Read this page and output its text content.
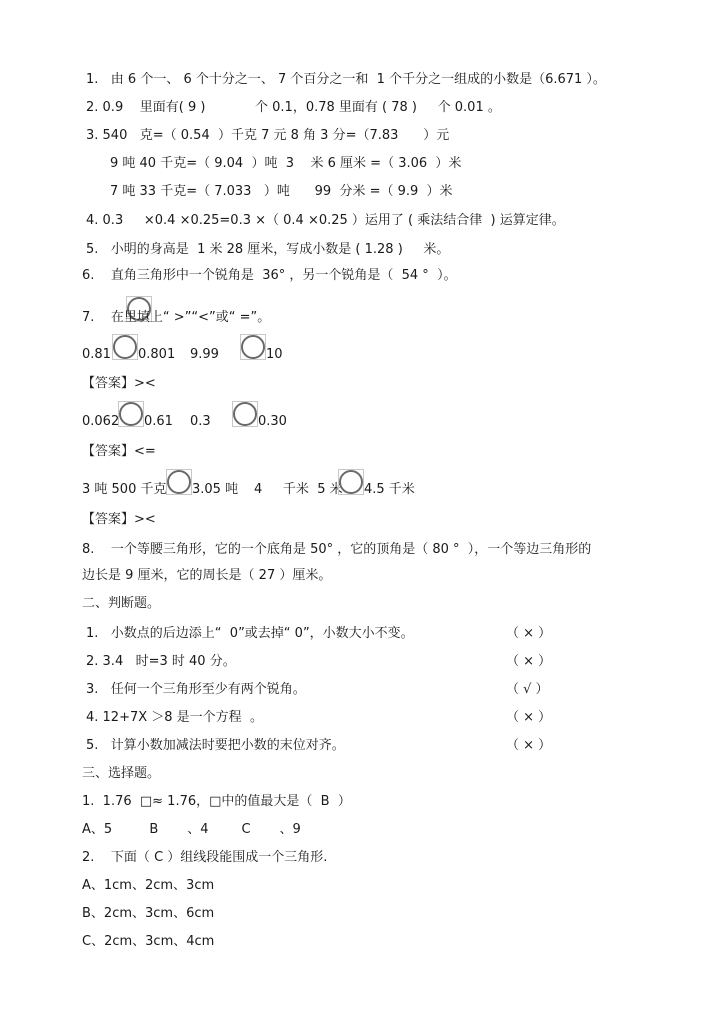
1.   由 6 个一、 6 个十分之一、 7 个百分之一和  1 个千分之一组成的小数是（6.671 ）。
2. 0.9    里面有( 9 )            个 0.1，0.78 里面有 ( 78 )     个 0.01 。
3. 540   克=（ 0.54  ）千克 7 元 8 角 3 分=（7.83      ）元
9 吨 40 千克=（ 9.04  ）吨  3    米 6 厘米 =（ 3.06  ）米
7 吨 33 千克=（ 7.033   ）吨      99  分米 =（ 9.9  ）米
4. 0.3     ×0.4 ×0.25=0.3 ×（ 0.4 ×0.25 ）运用了 ( 乘法结合律  ) 运算定律。
5.   小明的身高是  1 米 28 厘米，写成小数是 ( 1.28 )     米。
6.    直角三角形中一个锐角是  36° ，另一个锐角是（  54 °  ）。
7.    在里填上“ >”“<”或“ =”。
0.81 0.801 9.99	10
【答案】><
0.062 0.61 0.3	0.30
【答案】<=
3 吨 500 千克 3.05 吨 4     千米  5 米 4.5 千米
【答案】><
8.    一个等腰三角形，它的一个底角是 50° ，它的顶角是（ 80 °  ），一个等边三角形的
边长是 9 厘米，它的周长是（ 27 ）厘米。
二、判断题。
1.   小数点的后边添上“  0”或去掉“ 0”，小数大小不变。	（ × ）
2. 3.4   时=3 时 40 分。	（ × ）
3.   任何一个三角形至少有两个锐角。	（ √ ）
4. 12+7X ＞8 是一个方程  。	（ × ）
5.   计算小数加减法时要把小数的末位对齐。	（ × ）
三、选择题。
1.  1.76  □≈ 1.76，□中的值最大是（  B  ）
A、5         B       、4        C       、9
2.    下面（ C ）组线段能围成一个三角形.
A、1cm、2cm、3cm
B、2cm、3cm、6cm
C、2cm、3cm、4cm
